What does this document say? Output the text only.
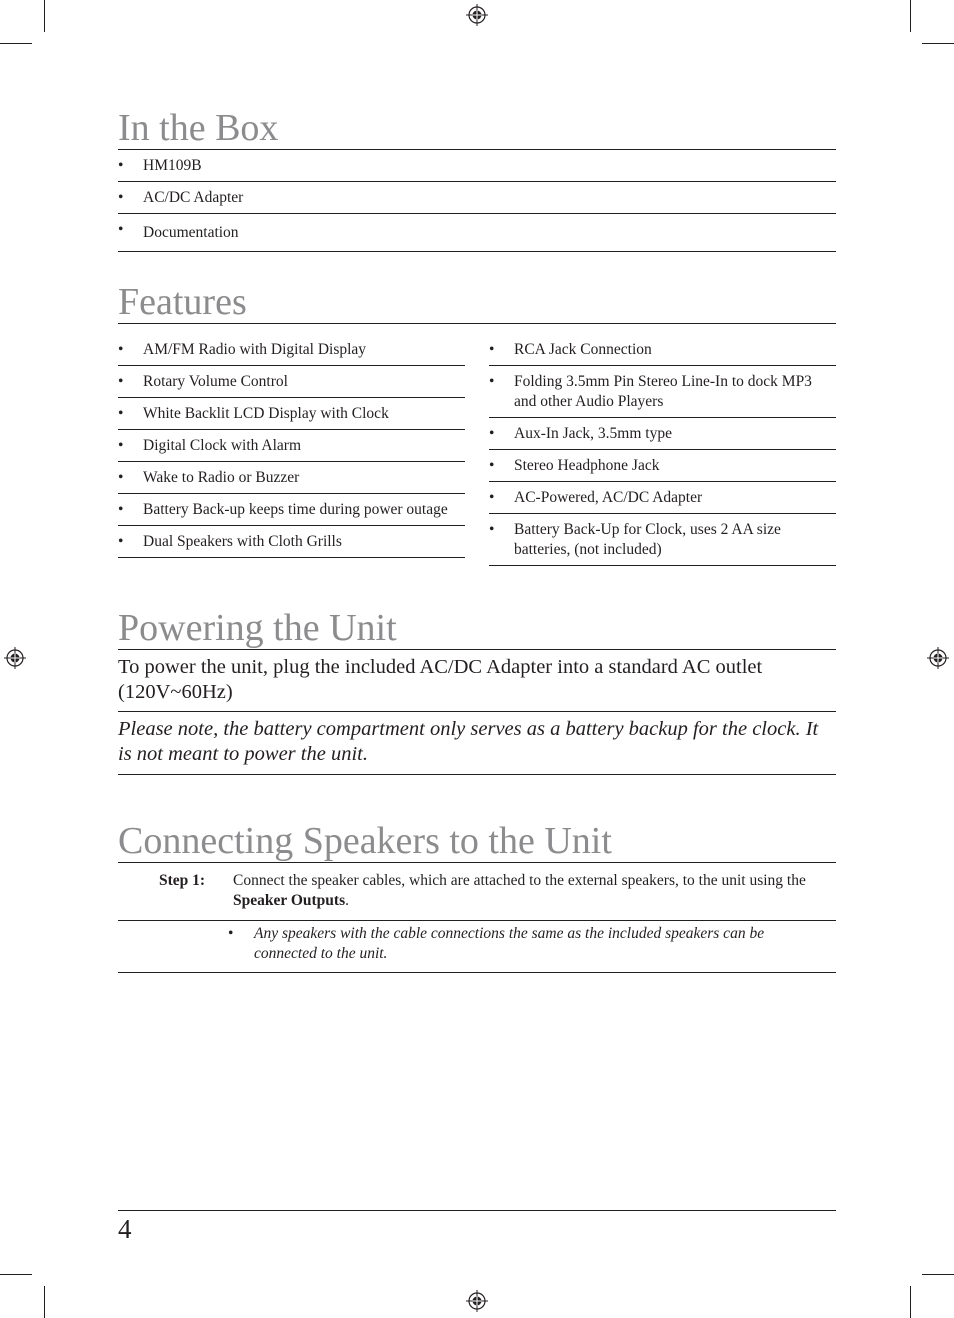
In the Box
• HM109B
• AC/DC Adapter
• Documentation
Features
• AM/FM Radio with Digital Display
• Rotary Volume Control
• White Backlit LCD Display with Clock
• Digital Clock with Alarm
• Wake to Radio or Buzzer
• Battery Back-up keeps time during power outage
• Dual Speakers with Cloth Grills
• RCA Jack Connection
• Folding 3.5mm Pin Stereo Line-In to dock MP3 and other Audio Players
• Aux-In Jack, 3.5mm type
• Stereo Headphone Jack
• AC-Powered, AC/DC Adapter
• Battery Back-Up for Clock, uses 2 AA size batteries, (not included)
Powering the Unit
To power the unit, plug the included AC/DC Adapter into a standard AC outlet (120V~60Hz)
Please note, the battery compartment only serves as a battery backup for the clock. It is not meant to power the unit.
Connecting Speakers to the Unit
Step 1:	Connect the speaker cables, which are attached to the external speakers, to the unit using the Speaker Outputs.
• Any speakers with the cable connections the same as the included speakers can be connected to the unit.
4
